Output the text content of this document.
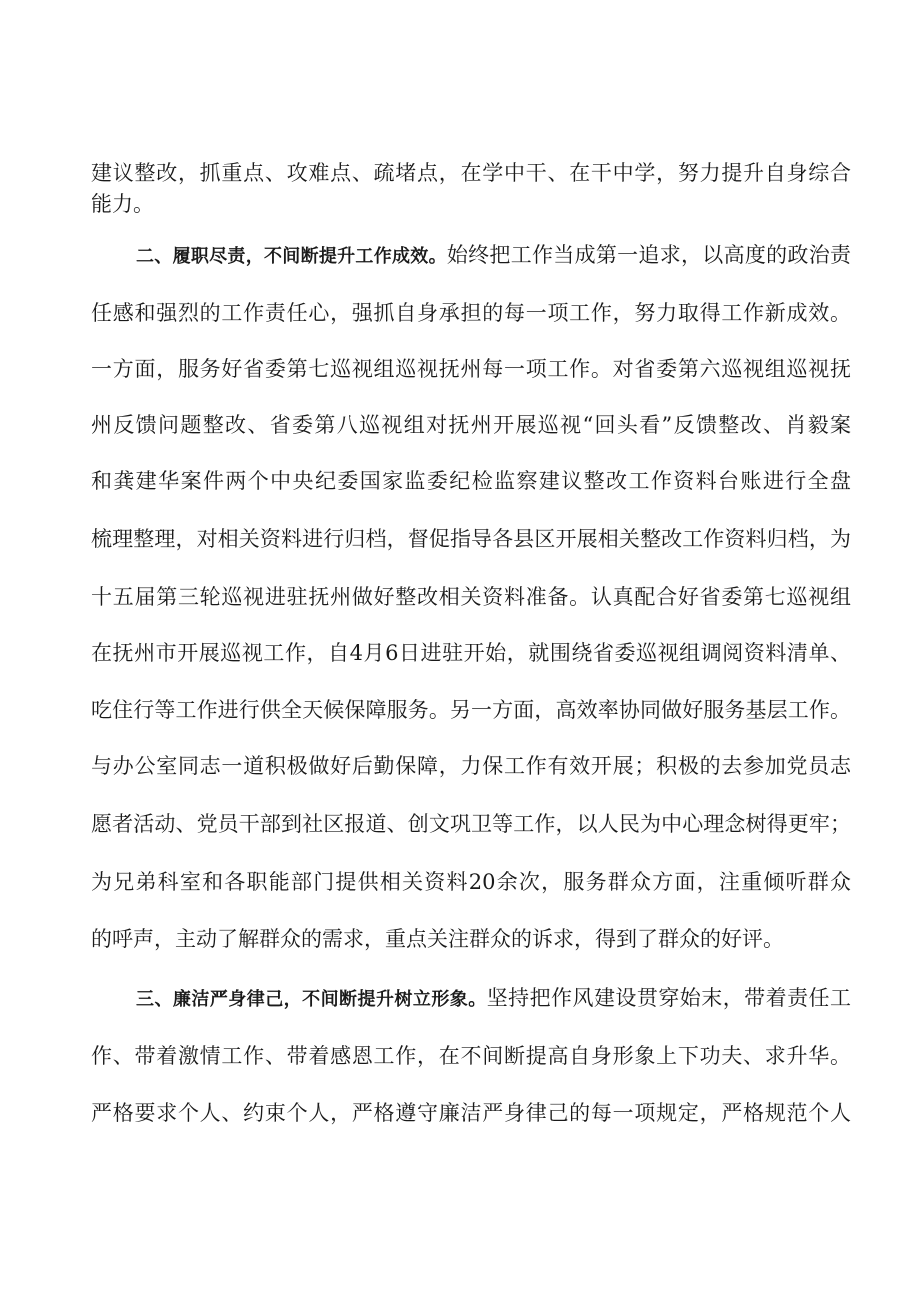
建议整改，抓重点、攻难点、疏堵点，在学中干、在干中学，努力提升自身综合
能力。
二、履职尽责，不间断提升工作成效。始终把工作当成第一追求，以高度的政治责
任感和强烈的工作责任心，强抓自身承担的每一项工作，努力取得工作新成效。
一方面，服务好省委第七巡视组巡视抚州每一项工作。对省委第六巡视组巡视抚
州反馈问题整改、省委第八巡视组对抚州开展巡视“回头看”反馈整改、肖毅案
和龚建华案件两个中央纪委国家监委纪检监察建议整改工作资料台账进行全盘
梳理整理，对相关资料进行归档，督促指导各县区开展相关整改工作资料归档，为
十五届第三轮巡视进驻抚州做好整改相关资料准备。认真配合好省委第七巡视组
在抚州市开展巡视工作，自4月6日进驻开始，就围绕省委巡视组调阅资料清单、
吃住行等工作进行供全天候保障服务。另一方面，高效率协同做好服务基层工作。
与办公室同志一道积极做好后勤保障，力保工作有效开展；积极的去参加党员志
愿者活动、党员干部到社区报道、创文巩卫等工作，以人民为中心理念树得更牢；
为兄弟科室和各职能部门提供相关资料20余次，服务群众方面，注重倾听群众
的呼声，主动了解群众的需求，重点关注群众的诉求，得到了群众的好评。
三、廉洁严身律己，不间断提升树立形象。坚持把作风建设贯穿始末，带着责任工
作、带着激情工作、带着感恩工作，在不间断提高自身形象上下功夫、求升华。
严格要求个人、约束个人，严格遵守廉洁严身律己的每一项规定，严格规范个人
